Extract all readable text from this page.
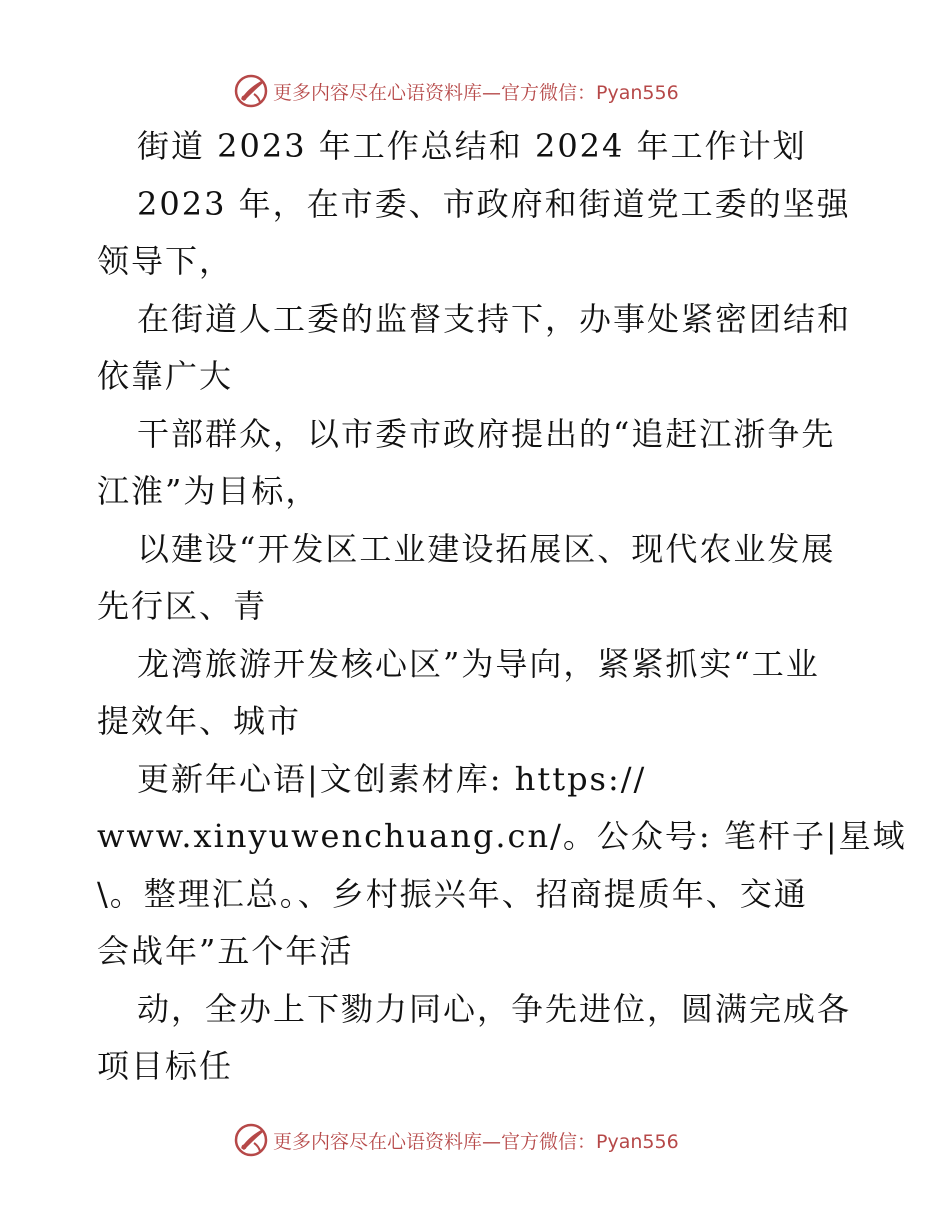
更多内容尽在心语资料库—官方微信：Pyan556
街道 2023 年工作总结和 2024 年工作计划
2023 年，在市委、市政府和街道党工委的坚强
领导下，
在街道人工委的监督支持下，办事处紧密团结和
依靠广大
干部群众，以市委市政府提出的“追赶江浙争先
江淮”为目标，
以建设“开发区工业建设拓展区、现代农业发展
先行区、青
龙湾旅游开发核心区”为导向，紧紧抓实“工业
提效年、城市
更新年心语|文创素材库: https://
www.xinyuwenchuang.cn/。公众号: 笔杆子|星域
\。整理汇总。、乡村振兴年、招商提质年、交通
会战年”五个年活
动，全办上下勠力同心，争先进位，圆满完成各
项目标任
更多内容尽在心语资料库—官方微信：Pyan556
